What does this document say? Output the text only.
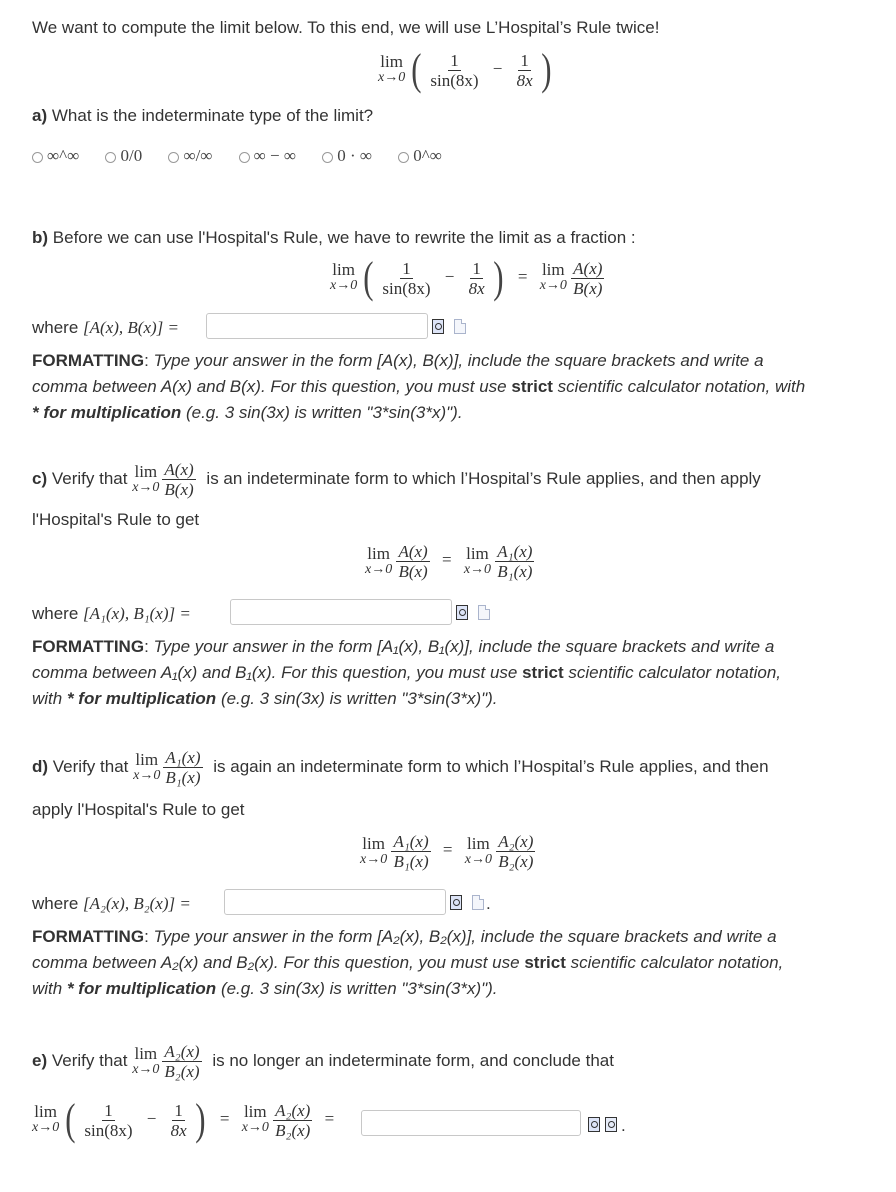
We want to compute the limit below. To this end, we will use L’Hospital’s Rule twice!
lim
x→0 ( $\frac{1}{\sin(8x)} - \frac{1}{8x}$ )
a) What is the indeterminate type of the limit?
∞^∞ 0/0 ∞/∞ ∞ − ∞ 0 · ∞ 0^∞
b) Before we can use l'Hospital's Rule, we have to rewrite the limit as a fraction :
lim
x→0 ( $\frac{1}{\sin(8x)} - \frac{1}{8x}$ ) = lim
x→0
$\frac{A(x)}{B(x)}$
where [A(x), B(x)] =
FORMATTING: Type your answer in the form [A(x), B(x)], include the square brackets and write a
comma between A(x) and B(x). For this question, you must use strict scientific calculator notation, with
* for multiplication (e.g. 3 sin(3x) is written "3*sin(3*x)").
c) Verify that lim
$x\to 0 \frac{A(x)}{B(x)}$ is an indeterminate form to which l’Hospital’s Rule applies, and then apply
l'Hospital's Rule to get
lim
x→0
$\frac{A(x)}{B(x)} = \lim$
x→0
$\frac{\text{A₁(x)}}{\text{B₁(x)}}$
where [A₁(x), B₁(x)] =
FORMATTING: Type your answer in the form [A₁(x), B₁(x)], include the square brackets and write a
comma between A₁(x) and B₁(x). For this question, you must use strict scientific calculator notation,
with * for multiplication (e.g. 3 sin(3x) is written "3*sin(3*x)").
d) Verify that lim
$x\to 0 \frac{\text{A₁(x)}}{\text{B₁(x)}}$ is again an indeterminate form to which l’Hospital’s Rule applies, and then
apply l'Hospital's Rule to get
lim
x→0
$\frac{\text{A₁(x)}}{\text{B₁(x)}} = \lim$
x→0
$\frac{\text{A₂(x)}}{\text{B₂(x)}}$
where [A₂(x), B₂(x)] =	.
FORMATTING: Type your answer in the form [A₂(x), B₂(x)], include the square brackets and write a
comma between A₂(x) and B₂(x). For this question, you must use strict scientific calculator notation,
with * for multiplication (e.g. 3 sin(3x) is written "3*sin(3*x)").
e) Verify that lim
$x\to 0 \frac{\text{A₂(x)}}{\text{B₂(x)}}$ is no longer an indeterminate form, and conclude that
lim
x→0 ( $\frac{1}{\sin(8x)} - \frac{1}{8x}$ ) = lim
x→0
$\frac{\text{A₂(x)}}{\text{B₂(x)}}$ =	.
